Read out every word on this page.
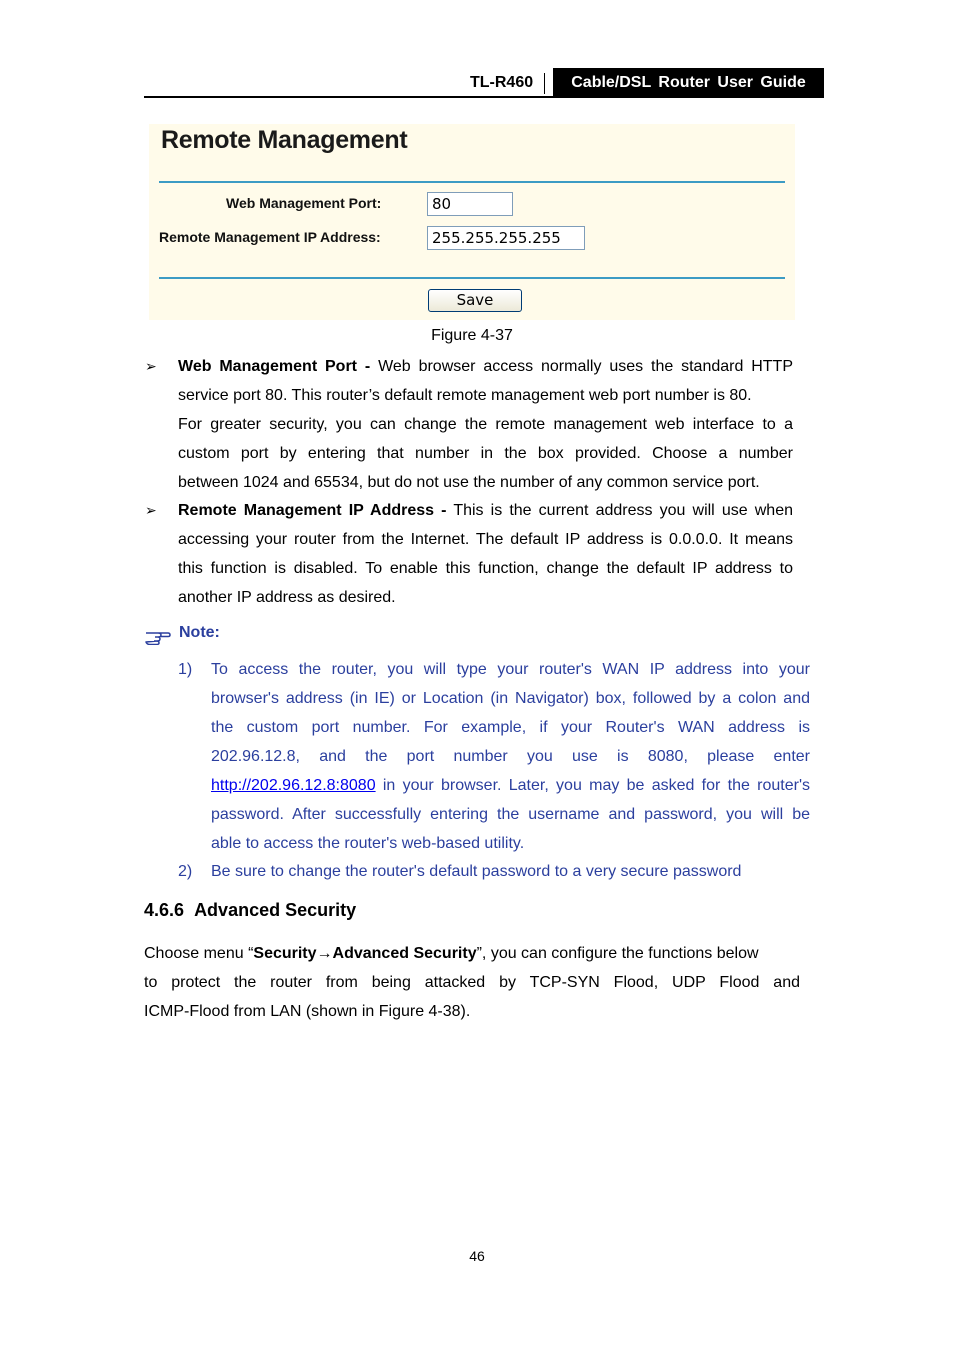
TL-R460	Cable/DSL Router User Guide
Remote Management
Web Management Port:	80
Remote Management IP Address:	255.255.255.255
Save
Figure 4-37
➢ Web Management Port - Web browser access normally uses the standard HTTP
service port 80. This router’s default remote management web port number is 80.
For greater security, you can change the remote management web interface to a
custom port by entering that number in the box provided. Choose a number
between 1024 and 65534, but do not use the number of any common service port.
➢ Remote Management IP Address - This is the current address you will use when
accessing your router from the Internet. The default IP address is 0.0.0.0. It means
this function is disabled. To enable this function, change the default IP address to
another IP address as desired.
Note:
1) To access the router, you will type your router's WAN IP address into your
browser's address (in IE) or Location (in Navigator) box, followed by a colon and
the custom port number. For example, if your Router's WAN address is
202.96.12.8, and the port number you use is 8080, please enter
http://202.96.12.8:8080 in your browser. Later, you may be asked for the router's
password. After successfully entering the username and password, you will be
able to access the router's web-based utility.
2) Be sure to change the router's default password to a very secure password
4.6.6 Advanced Security
Choose menu “Security→Advanced Security”, you can configure the functions below
to protect the router from being attacked by TCP-SYN Flood, UDP Flood and
ICMP-Flood from LAN (shown in Figure 4-38).
46
